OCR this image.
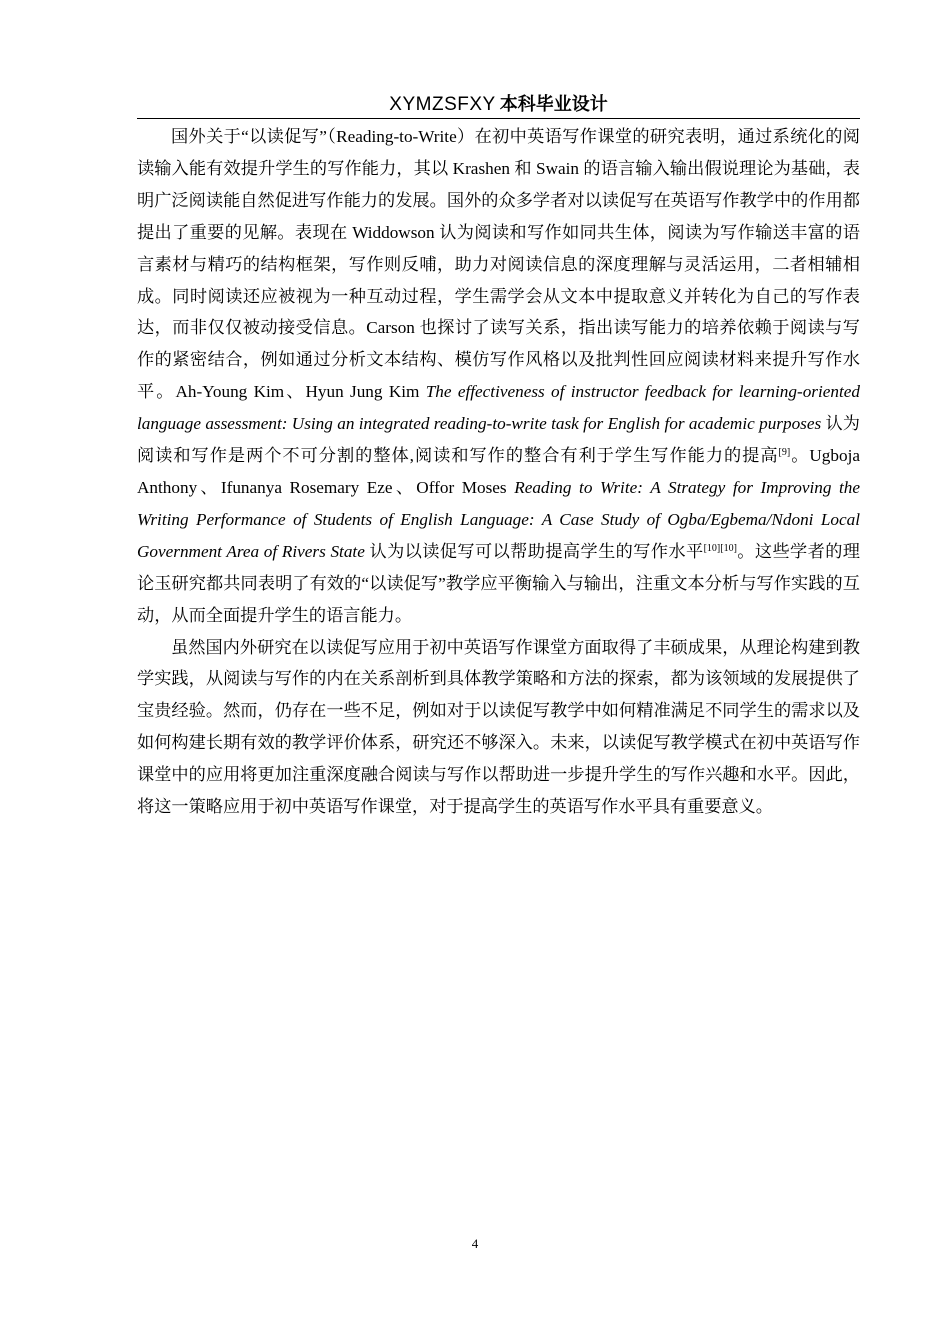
XYMZSFXY 本科毕业设计

国外关于“以读促写”（Reading-to-Write）在初中英语写作课堂的研究表明，通过系统化的阅读输入能有效提升学生的写作能力，其以 Krashen 和 Swain 的语言输入输出假说理论为基础，表明广泛阅读能自然促进写作能力的发展。国外的众多学者对以读促写在英语写作教学中的作用都提出了重要的见解。表现在 Widdowson 认为阅读和写作如同共生体，阅读为写作输送丰富的语言素材与精巧的结构框架，写作则反哺，助力对阅读信息的深度理解与灵活运用，二者相辅相成。同时阅读还应被视为一种互动过程，学生需学会从文本中提取意义并转化为自己的写作表达，而非仅仅被动接受信息。Carson 也探讨了读写关系，指出读写能力的培养依赖于阅读与写作的紧密结合，例如通过分析文本结构、模仿写作风格以及批判性回应阅读材料来提升写作水平。Ah-Young Kim、Hyun Jung Kim The effectiveness of instructor feedback for learning-oriented language assessment: Using an integrated reading-to-write task for English for academic purposes 认为阅读和写作是两个不可分割的整体,阅读和写作的整合有利于学生写作能力的提高[9]。Ugboja Anthony、Ifunanya Rosemary Eze、Offor Moses Reading to Write: A Strategy for Improving the Writing Performance of Students of English Language: A Case Study of Ogba/Egbema/Ndoni Local Government Area of Rivers State 认为以读促写可以帮助提高学生的写作水平[10][10]。这些学者的理论玉研究都共同表明了有效的“以读促写”教学应平衡输入与输出，注重文本分析与写作实践的互动，从而全面提升学生的语言能力。

虽然国内外研究在以读促写应用于初中英语写作课堂方面取得了丰硕成果，从理论构建到教学实践，从阅读与写作的内在关系剖析到具体教学策略和方法的探索，都为该领域的发展提供了宝贵经验。然而，仍存在一些不足，例如对于以读促写教学中如何精准满足不同学生的需求以及如何构建长期有效的教学评价体系，研究还不够深入。未来，以读促写教学模式在初中英语写作课堂中的应用将更加注重深度融合阅读与写作以帮助进一步提升学生的写作兴趣和水平。因此，将这一策略应用于初中英语写作课堂，对于提高学生的英语写作水平具有重要意义。

4
